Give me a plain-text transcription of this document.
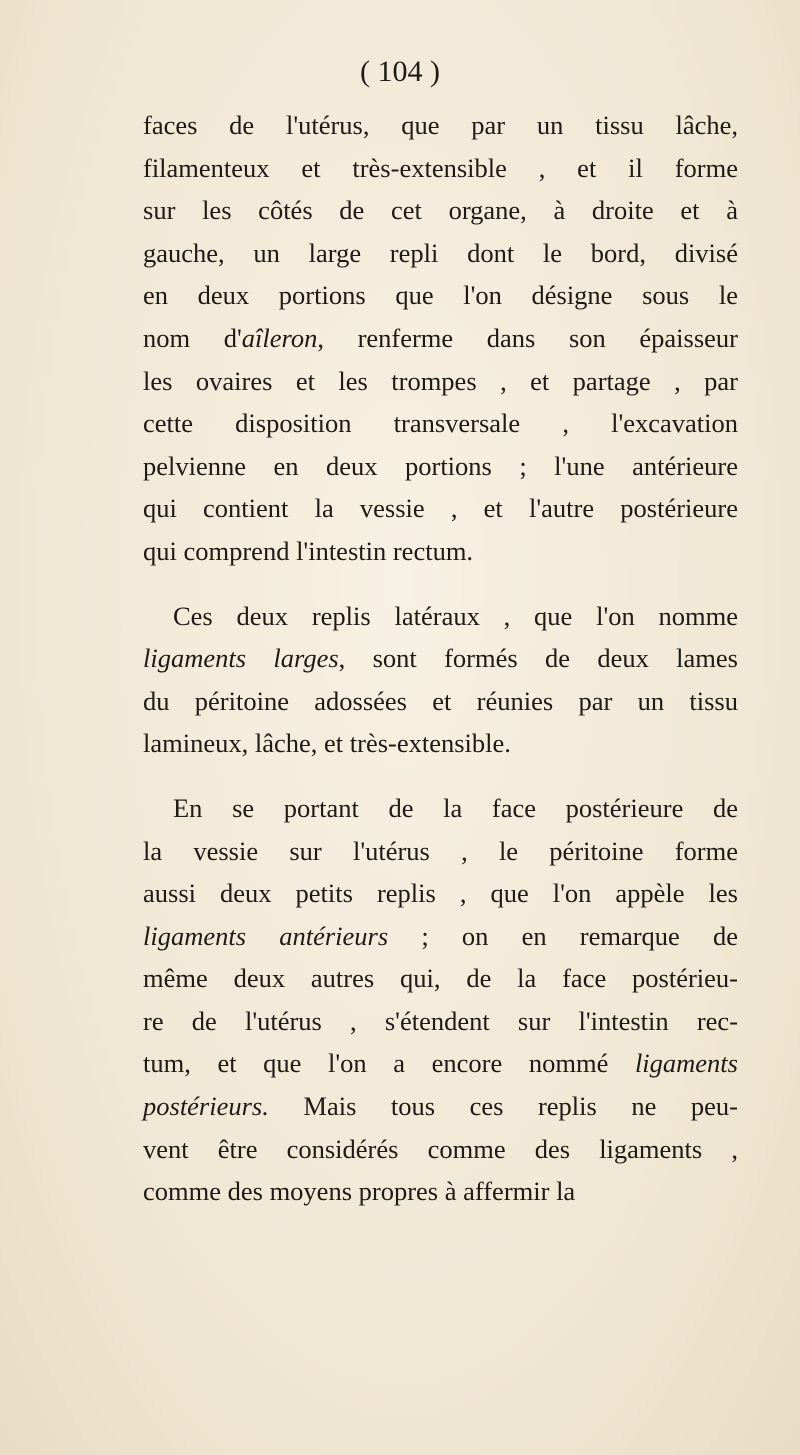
( 104 )
faces de l'utérus, que par un tissu lâche,
filamenteux et très-extensible , et il forme
sur les côtés de cet organe, à droite et à
gauche, un large repli dont le bord, divisé
en deux portions que l'on désigne sous le
nom d'aîleron, renferme dans son épaisseur
les ovaires et les trompes , et partage , par
cette disposition transversale , l'excavation
pelvienne en deux portions ; l'une antérieure
qui contient la vessie , et l'autre postérieure
qui comprend l'intestin rectum.
Ces deux replis latéraux , que l'on nomme
ligaments larges, sont formés de deux lames
du péritoine adossées et réunies par un tissu
lamineux, lâche, et très-extensible.
En se portant de la face postérieure de
la vessie sur l'utérus , le péritoine forme
aussi deux petits replis , que l'on appèle les
ligaments antérieurs ; on en remarque de
même deux autres qui, de la face postérieu-
re de l'utérus , s'étendent sur l'intestin rec-
tum, et que l'on a encore nommé ligaments
postérieurs. Mais tous ces replis ne peu-
vent être considérés comme des ligaments ,
comme des moyens propres à affermir la
